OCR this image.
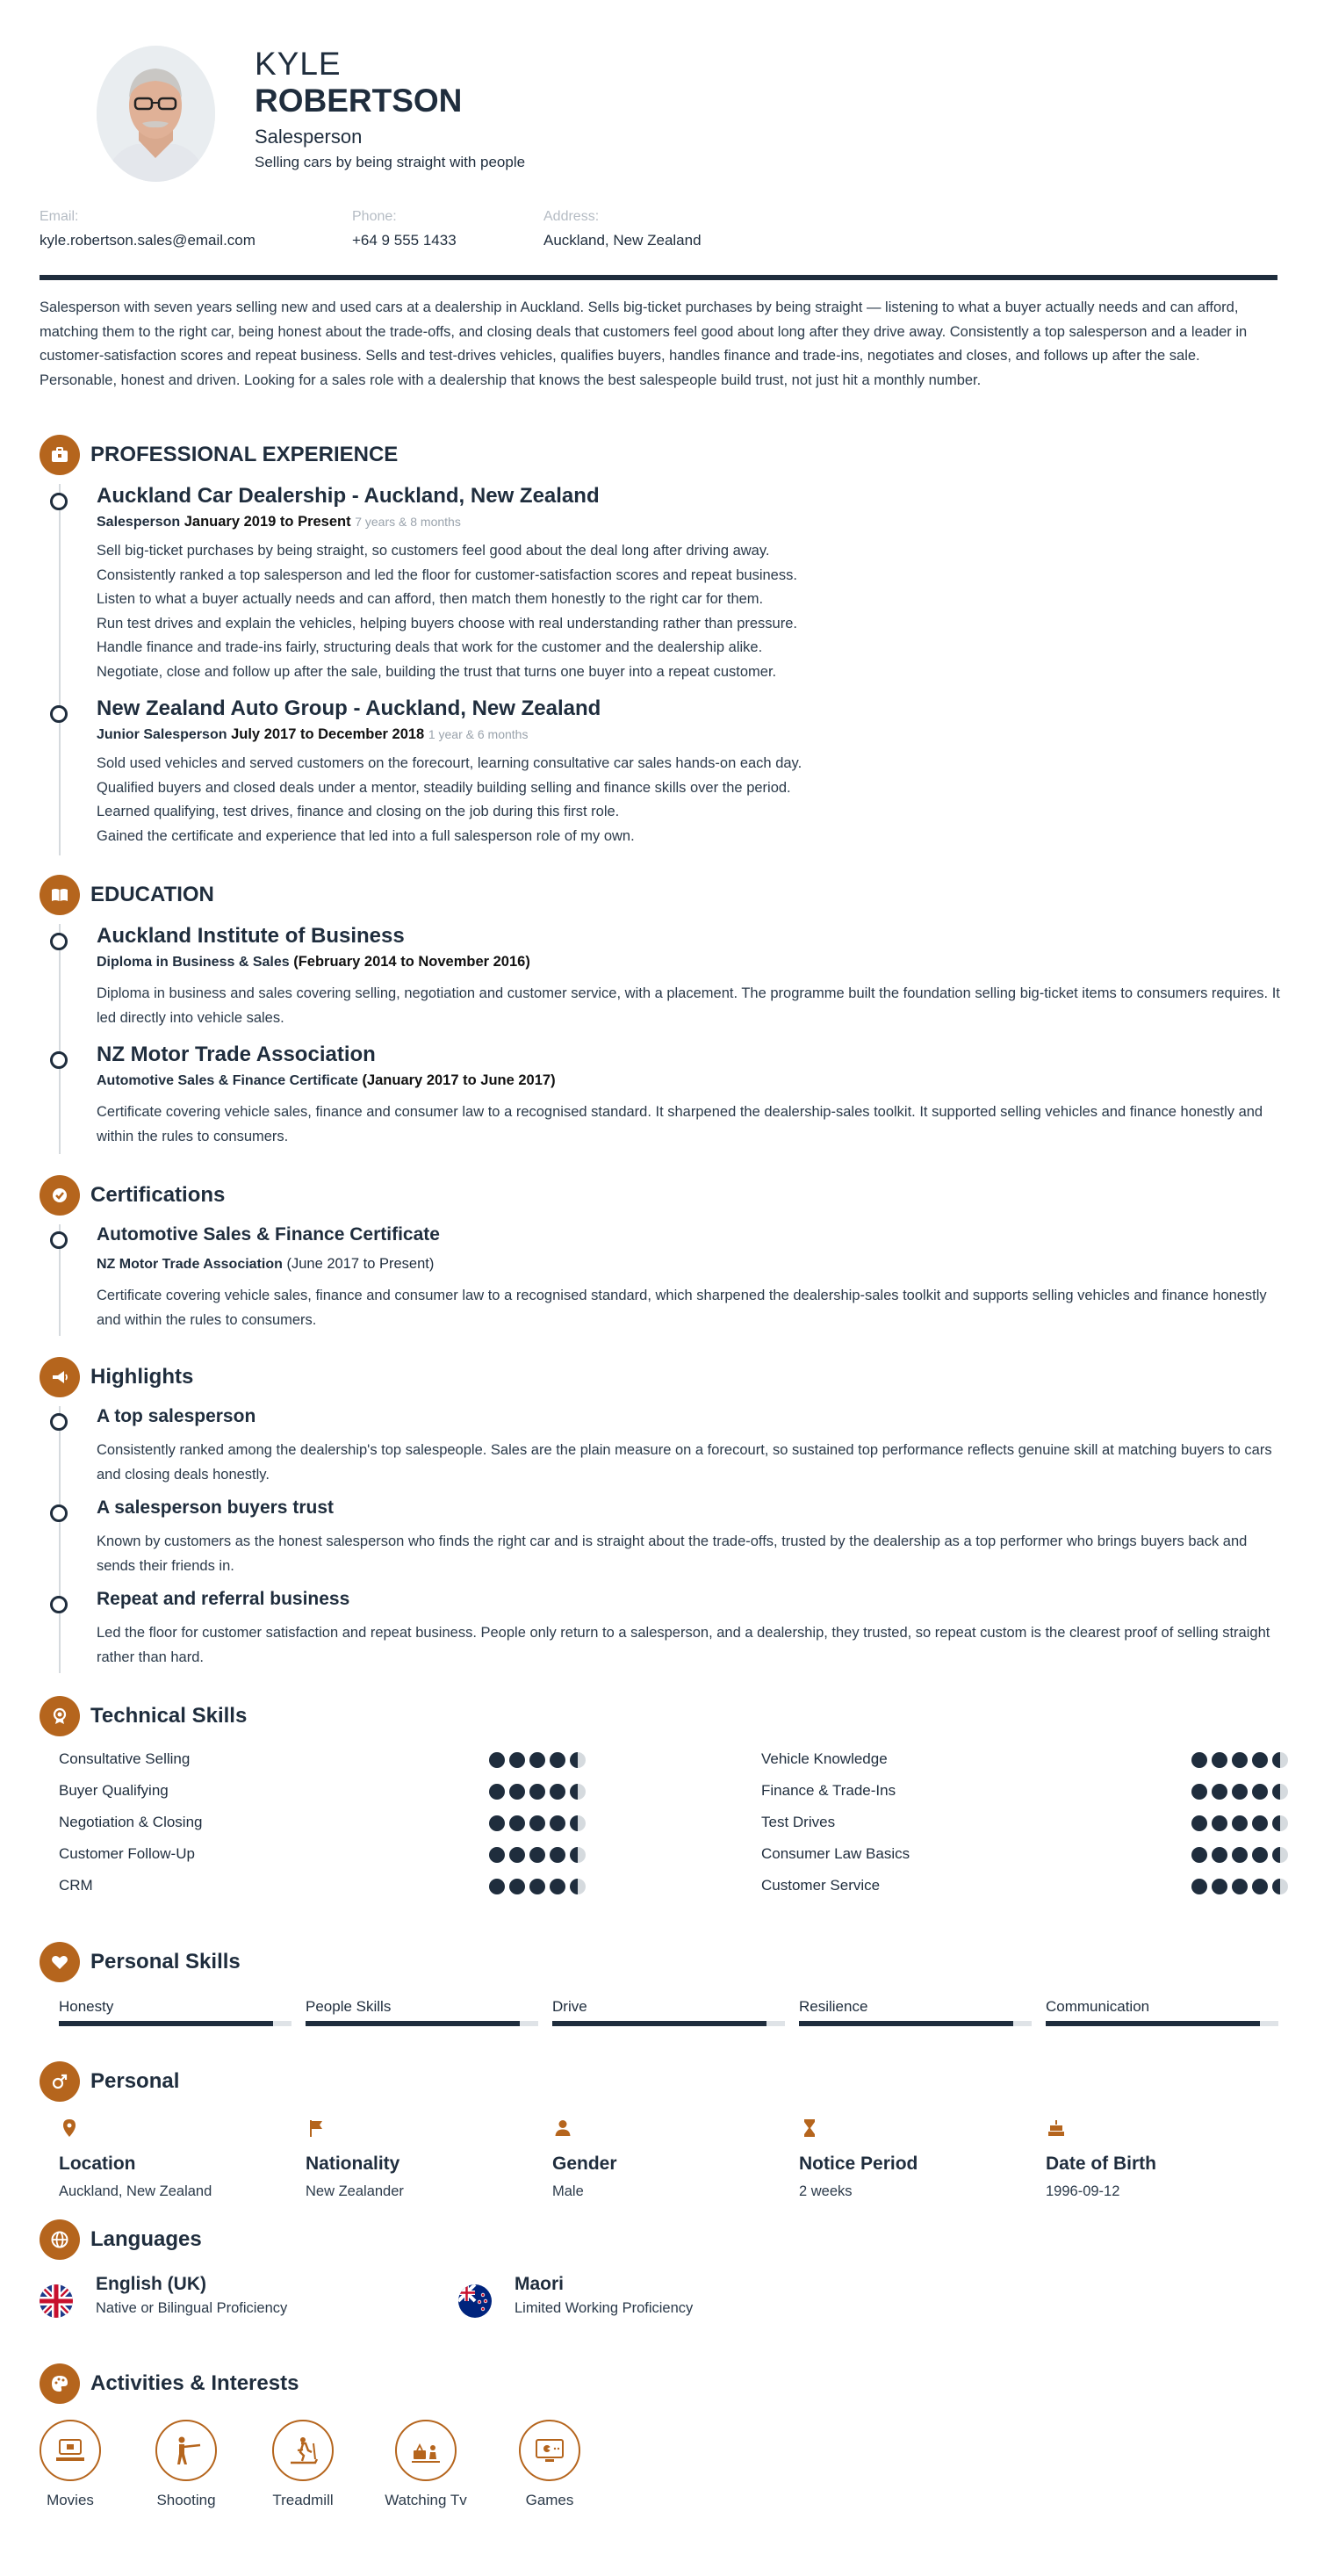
KYLE
ROBERTSON
Salesperson
Selling cars by being straight with people
Email:
kyle.robertson.sales@email.com
Phone:
+64 9 555 1433
Address:
Auckland, New Zealand
Salesperson with seven years selling new and used cars at a dealership in Auckland. Sells big-ticket purchases by being straight — listening to what a buyer actually needs and can afford, matching them to the right car, being honest about the trade-offs, and closing deals that customers feel good about long after they drive away. Consistently a top salesperson and a leader in customer-satisfaction scores and repeat business. Sells and test-drives vehicles, qualifies buyers, handles finance and trade-ins, negotiates and closes, and follows up after the sale. Personable, honest and driven. Looking for a sales role with a dealership that knows the best salespeople build trust, not just hit a monthly number.
PROFESSIONAL EXPERIENCE
Auckland Car Dealership - Auckland, New Zealand
Salesperson January 2019 to Present 7 years & 8 months
Sell big-ticket purchases by being straight, so customers feel good about the deal long after driving away.
Consistently ranked a top salesperson and led the floor for customer-satisfaction scores and repeat business.
Listen to what a buyer actually needs and can afford, then match them honestly to the right car for them.
Run test drives and explain the vehicles, helping buyers choose with real understanding rather than pressure.
Handle finance and trade-ins fairly, structuring deals that work for the customer and the dealership alike.
Negotiate, close and follow up after the sale, building the trust that turns one buyer into a repeat customer.
New Zealand Auto Group - Auckland, New Zealand
Junior Salesperson July 2017 to December 2018 1 year & 6 months
Sold used vehicles and served customers on the forecourt, learning consultative car sales hands-on each day.
Qualified buyers and closed deals under a mentor, steadily building selling and finance skills over the period.
Learned qualifying, test drives, finance and closing on the job during this first role.
Gained the certificate and experience that led into a full salesperson role of my own.
EDUCATION
Auckland Institute of Business
Diploma in Business & Sales (February 2014 to November 2016)
Diploma in business and sales covering selling, negotiation and customer service, with a placement. The programme built the foundation selling big-ticket items to consumers requires. It led directly into vehicle sales.
NZ Motor Trade Association
Automotive Sales & Finance Certificate (January 2017 to June 2017)
Certificate covering vehicle sales, finance and consumer law to a recognised standard. It sharpened the dealership-sales toolkit. It supported selling vehicles and finance honestly and within the rules to consumers.
Certifications
Automotive Sales & Finance Certificate
NZ Motor Trade Association (June 2017 to Present)
Certificate covering vehicle sales, finance and consumer law to a recognised standard, which sharpened the dealership-sales toolkit and supports selling vehicles and finance honestly and within the rules to consumers.
Highlights
A top salesperson
Consistently ranked among the dealership's top salespeople. Sales are the plain measure on a forecourt, so sustained top performance reflects genuine skill at matching buyers to cars and closing deals honestly.
A salesperson buyers trust
Known by customers as the honest salesperson who finds the right car and is straight about the trade-offs, trusted by the dealership as a top performer who brings buyers back and sends their friends in.
Repeat and referral business
Led the floor for customer satisfaction and repeat business. People only return to a salesperson, and a dealership, they trusted, so repeat custom is the clearest proof of selling straight rather than hard.
Technical Skills
Consultative Selling
Buyer Qualifying
Negotiation & Closing
Customer Follow-Up
CRM
Vehicle Knowledge
Finance & Trade-Ins
Test Drives
Consumer Law Basics
Customer Service
Personal Skills
Honesty	People Skills	Drive	Resilience	Communication
Personal
Location
Auckland, New Zealand
Nationality
New Zealander
Gender
Male
Notice Period
2 weeks
Date of Birth
1996-09-12
Languages
English (UK)
Native or Bilingual Proficiency
Maori
Limited Working Proficiency
Activities & Interests
Movies	Shooting	Treadmill	Watching Tv	Games
